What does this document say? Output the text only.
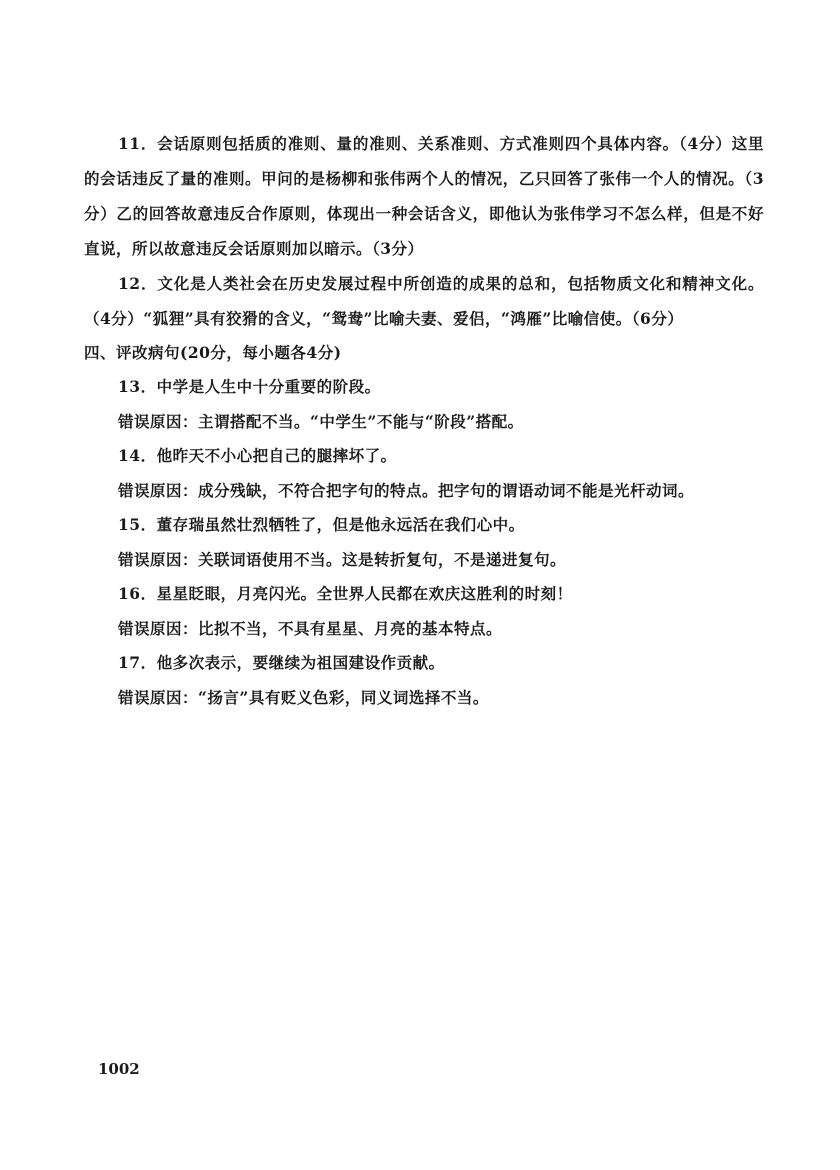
11．会话原则包括质的准则、量的准则、关系准则、方式准则四个具体内容。（4分）这里的会话违反了量的准则。甲问的是杨柳和张伟两个人的情况，乙只回答了张伟一个人的情况。（3分）乙的回答故意违反合作原则，体现出一种会话含义，即他认为张伟学习不怎么样，但是不好直说，所以故意违反会话原则加以暗示。（3分）

12．文化是人类社会在历史发展过程中所创造的成果的总和，包括物质文化和精神文化。（4分）“狐狸”具有狡猾的含义，“鸳鸯”比喻夫妻、爱侣，“鸿雁”比喻信使。（6分）

四、评改病句(20分，每小题各4分)

13．中学是人生中十分重要的阶段。

错误原因：主谓搭配不当。“中学生”不能与“阶段”搭配。

14．他昨天不小心把自己的腿摔坏了。

错误原因：成分残缺，不符合把字句的特点。把字句的谓语动词不能是光杆动词。

15．董存瑞虽然壮烈牺牲了，但是他永远活在我们心中。

错误原因：关联词语使用不当。这是转折复句，不是递进复句。

16．星星眨眼，月亮闪光。全世界人民都在欢庆这胜利的时刻！

错误原因：比拟不当，不具有星星、月亮的基本特点。

17．他多次表示，要继续为祖国建设作贡献。

错误原因：“扬言”具有贬义色彩，同义词选择不当。

1002
